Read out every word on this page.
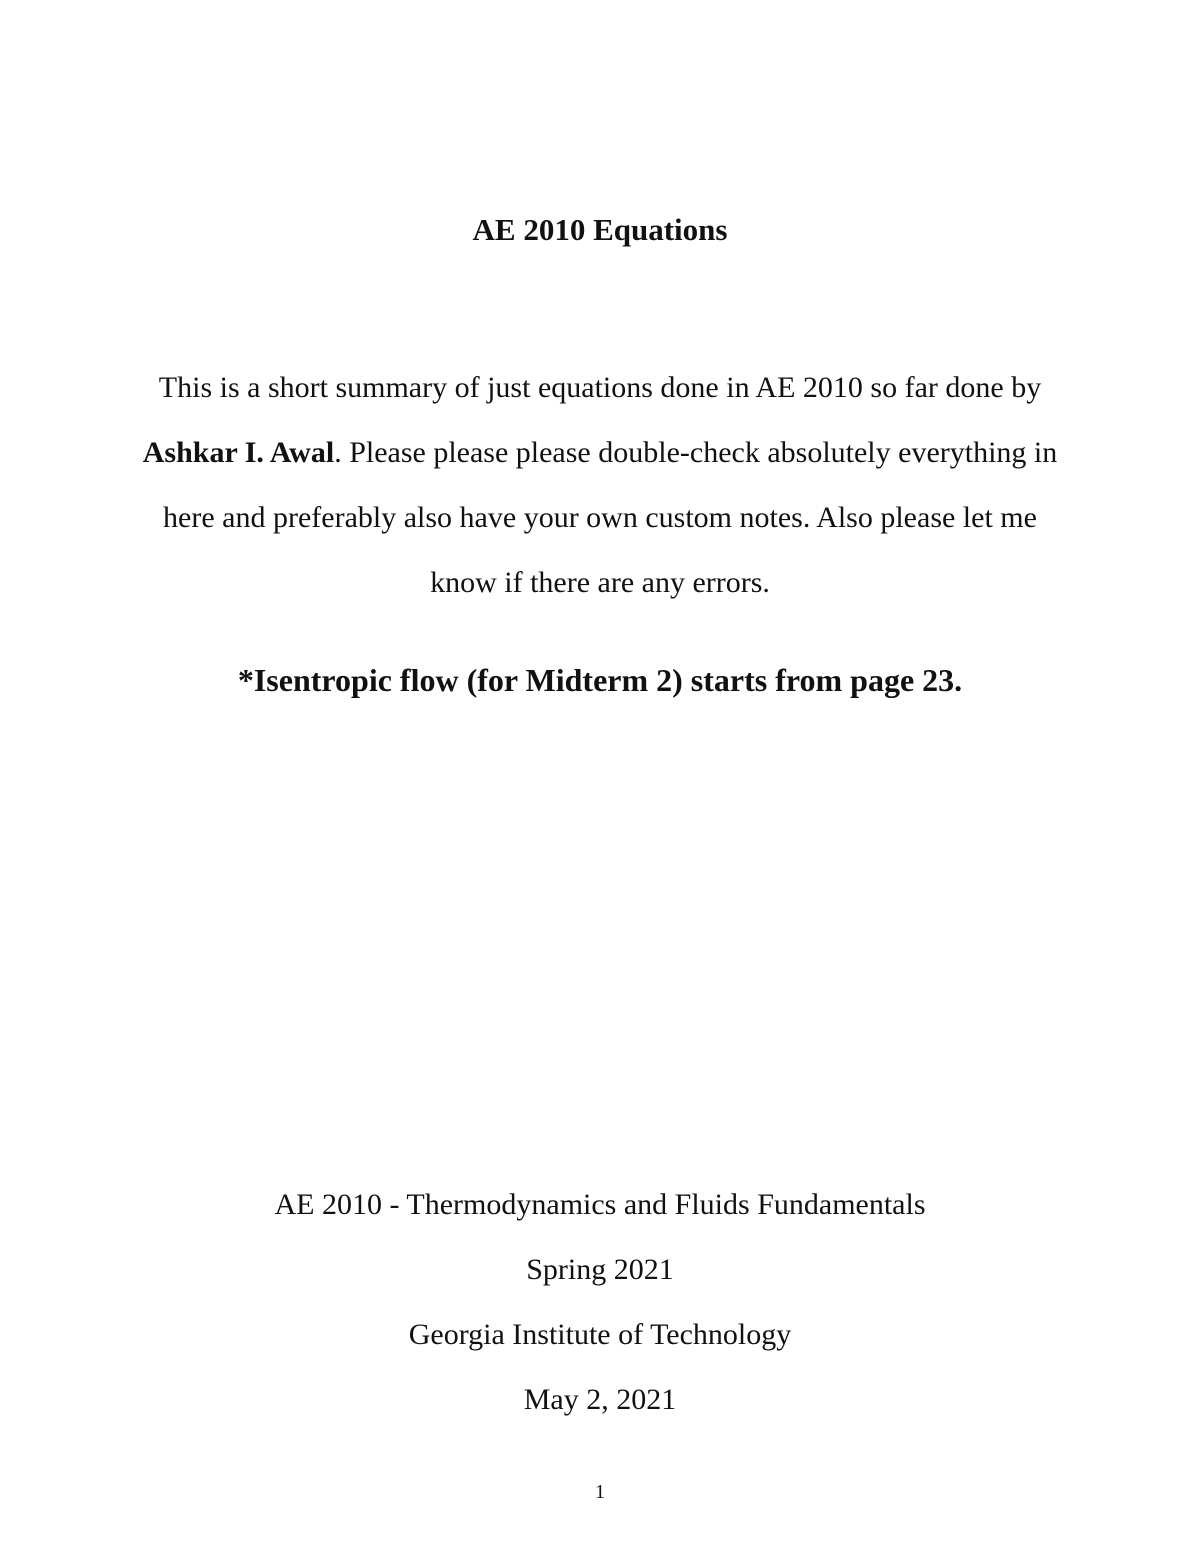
AE 2010 Equations
This is a short summary of just equations done in AE 2010 so far done by Ashkar I. Awal. Please please please double-check absolutely everything in here and preferably also have your own custom notes. Also please let me know if there are any errors.
*Isentropic flow (for Midterm 2) starts from page 23.
AE 2010 - Thermodynamics and Fluids Fundamentals
Spring 2021
Georgia Institute of Technology
May 2, 2021
1
